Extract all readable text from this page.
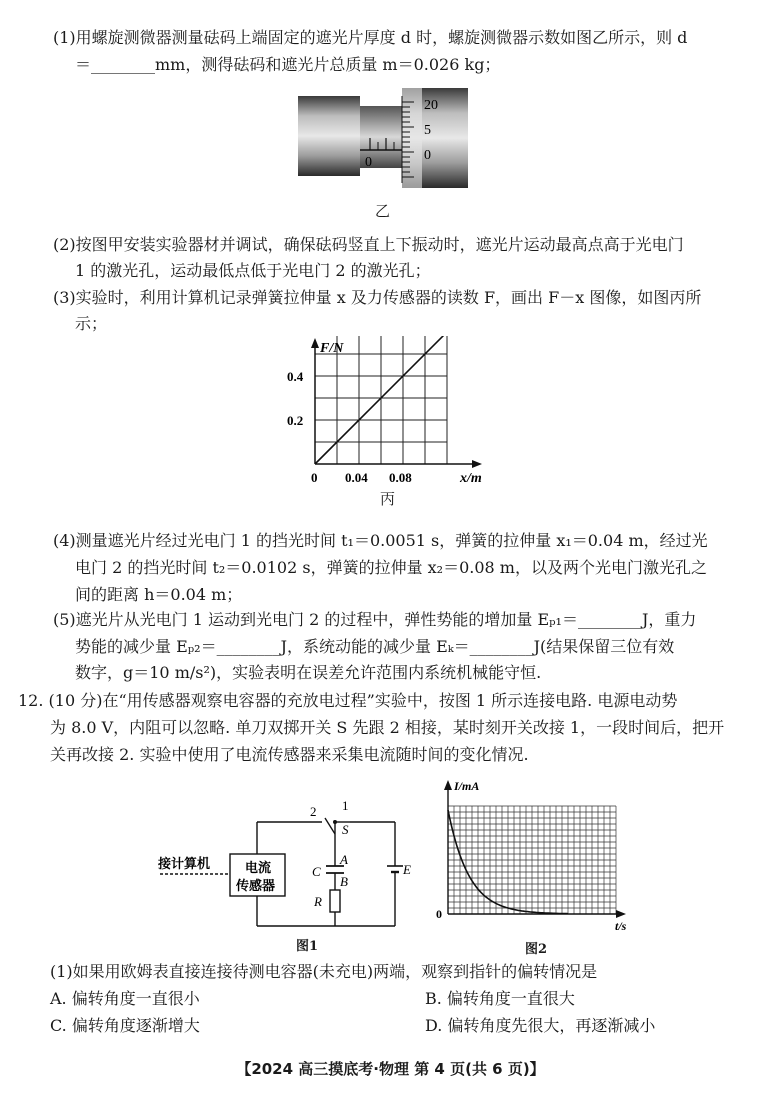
(1)用螺旋测微器测量砝码上端固定的遮光片厚度 d 时，螺旋测微器示数如图乙所示，则 d
＝________mm，测得砝码和遮光片总质量 m＝0.026 kg；
20
5
0
0
乙
(2)按图甲安装实验器材并调试，确保砝码竖直上下振动时，遮光片运动最高点高于光电门
1 的激光孔，运动最低点低于光电门 2 的激光孔；
(3)实验时，利用计算机记录弹簧拉伸量 x 及力传感器的读数 F，画出 F－x 图像，如图丙所
示；
F/N
x/m
0 0.04 0.08
0.2
0.4
丙
(4)测量遮光片经过光电门 1 的挡光时间 t₁＝0.0051 s，弹簧的拉伸量 x₁＝0.04 m，经过光
电门 2 的挡光时间 t₂＝0.0102 s，弹簧的拉伸量 x₂＝0.08 m，以及两个光电门激光孔之
间的距离 h＝0.04 m；
(5)遮光片从光电门 1 运动到光电门 2 的过程中，弹性势能的增加量 Eₚ₁＝________J，重力
势能的减少量 Eₚ₂＝________J，系统动能的减少量 Eₖ＝________J(结果保留三位有效
数字，g＝10 m/s²)，实验表明在误差允许范围内系统机械能守恒.
12. (10 分)在“用传感器观察电容器的充放电过程”实验中，按图 1 所示连接电路. 电源电动势
为 8.0 V，内阻可以忽略. 单刀双掷开关 S 先跟 2 相接，某时刻开关改接 1，一段时间后，把开
关再改接 2. 实验中使用了电流传感器来采集电流随时间的变化情况.
接计算机	电流
传感器
2 1
S
C
A
B
R
E
图1
I/mA
t/s
0
图2
(1)如果用欧姆表直接连接待测电容器(未充电)两端，观察到指针的偏转情况是
A. 偏转角度一直很小	B. 偏转角度一直很大
C. 偏转角度逐渐增大	D. 偏转角度先很大，再逐渐减小
【2024 高三摸底考·物理 第 4 页(共 6 页)】
